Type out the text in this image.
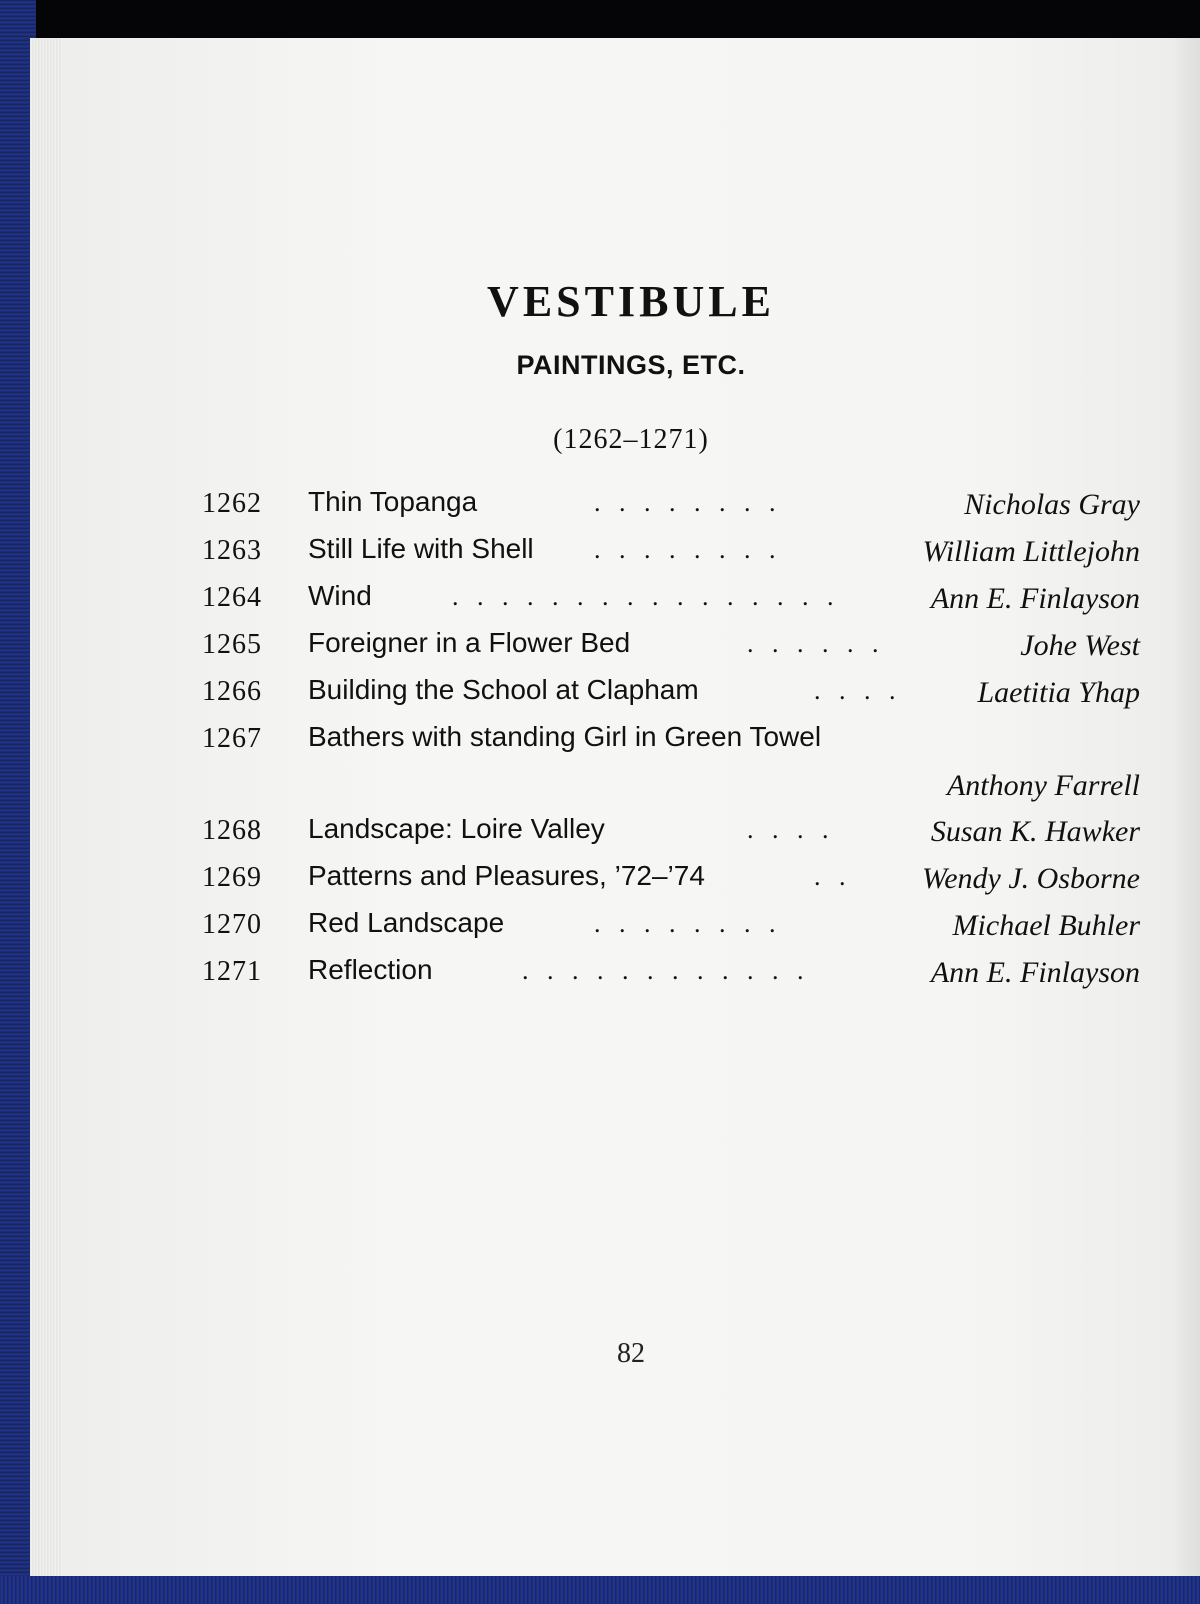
VESTIBULE
PAINTINGS, ETC.
(1262–1271)
1262 Thin Topanga	. . . . . . . .	Nicholas Gray
1263 Still Life with Shell . . . . . . . .	William Littlejohn
1264 Wind	. . . . . . . . . . . . . . . .	Ann E. Finlayson
1265 Foreigner in a Flower Bed	. . . . . .	Johe West
1266 Building the School at Clapham	. . . .	Laetitia Yhap
1267 Bathers with standing Girl in Green Towel
Anthony Farrell
1268 Landscape: Loire Valley	. . . .	Susan K. Hawker
1269 Patterns and Pleasures, ’72–’74	. . Wendy J. Osborne
1270 Red Landscape	. . . . . . . .	Michael Buhler
1271 Reflection	. . . . . . . . . . . .	Ann E. Finlayson
82
